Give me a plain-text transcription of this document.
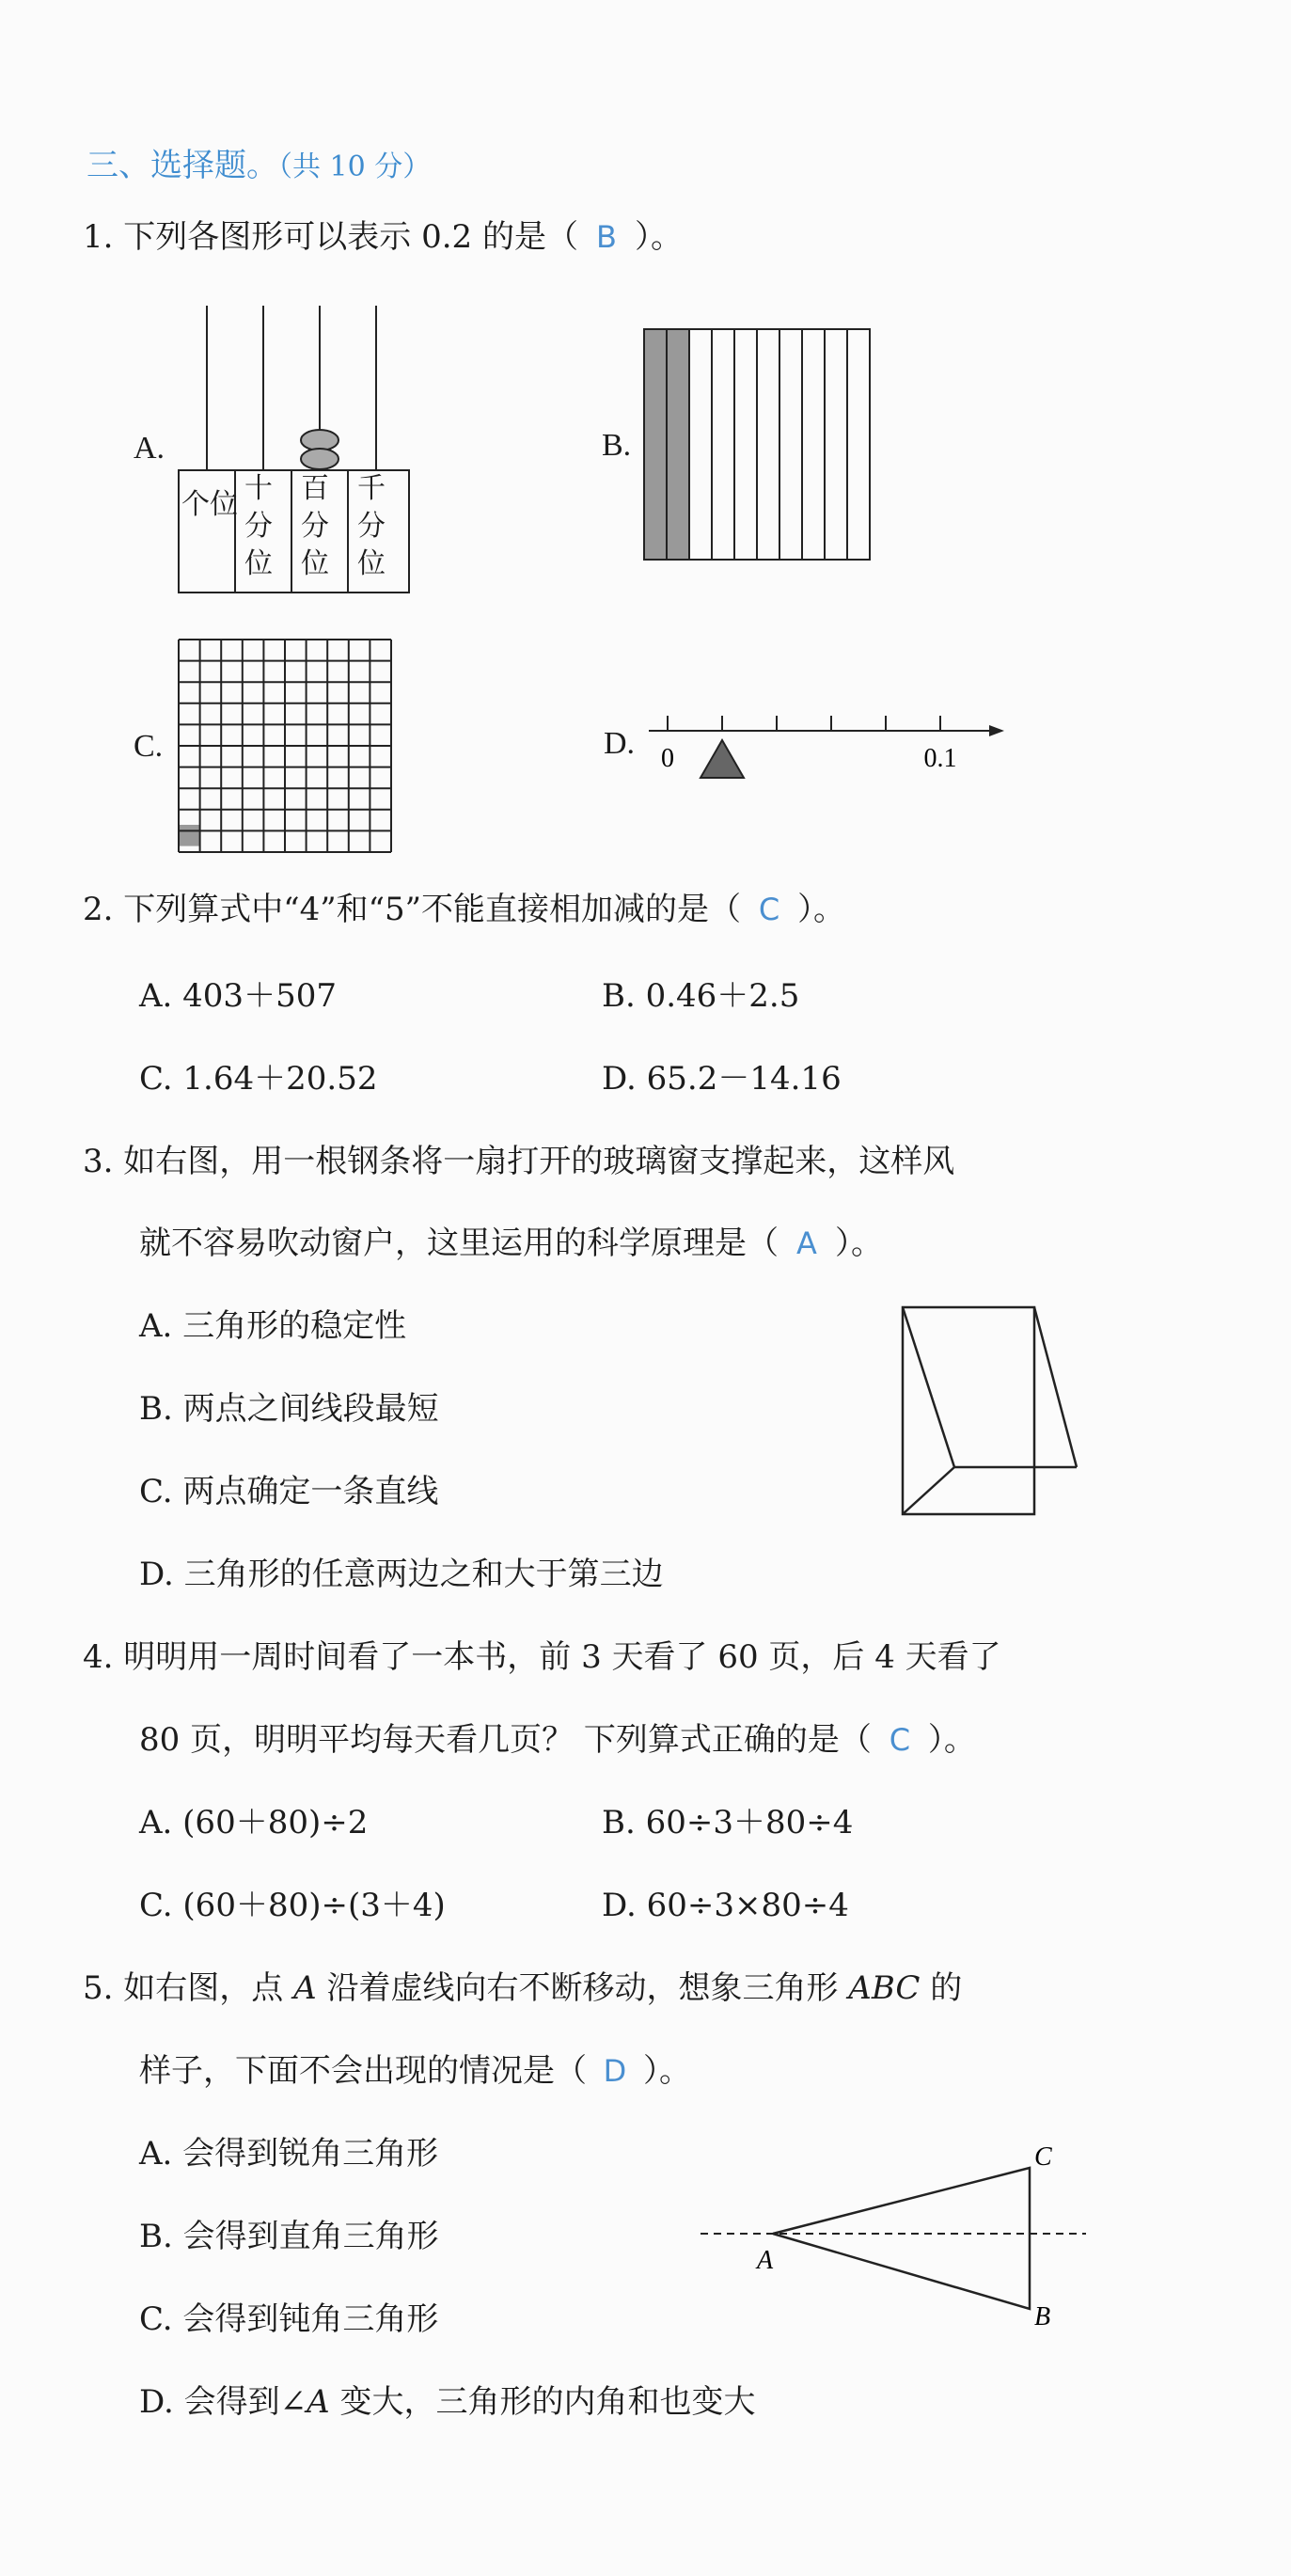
三、选择题。（共 10 分）
1. 下列各图形可以表示 0.2 的是（ B ）。
A.
个位 十分位
百分位
千分位
B.
C.	D. 0	0.1
2. 下列算式中“4”和“5”不能直接相加减的是（ C ）。
A. 403＋507	B. 0.46＋2.5
C. 1.64＋20.52	D. 65.2－14.16
3. 如右图，用一根钢条将一扇打开的玻璃窗支撑起来，这样风
就不容易吹动窗户，这里运用的科学原理是（ A ）。
A. 三角形的稳定性
B. 两点之间线段最短
C. 两点确定一条直线
D. 三角形的任意两边之和大于第三边
4. 明明用一周时间看了一本书，前 3 天看了 60 页，后 4 天看了
80 页，明明平均每天看几页？ 下列算式正确的是（ C ）。
A. (60＋80)÷2	B. 60÷3＋80÷4
C. (60＋80)÷(3＋4)	D. 60÷3×80÷4
5. 如右图，点 A 沿着虚线向右不断移动，想象三角形 ABC 的
样子，下面不会出现的情况是（ D ）。
A. 会得到锐角三角形
B. 会得到直角三角形
C. 会得到钝角三角形
D. 会得到∠A 变大，三角形的内角和也变大
A
B
C
